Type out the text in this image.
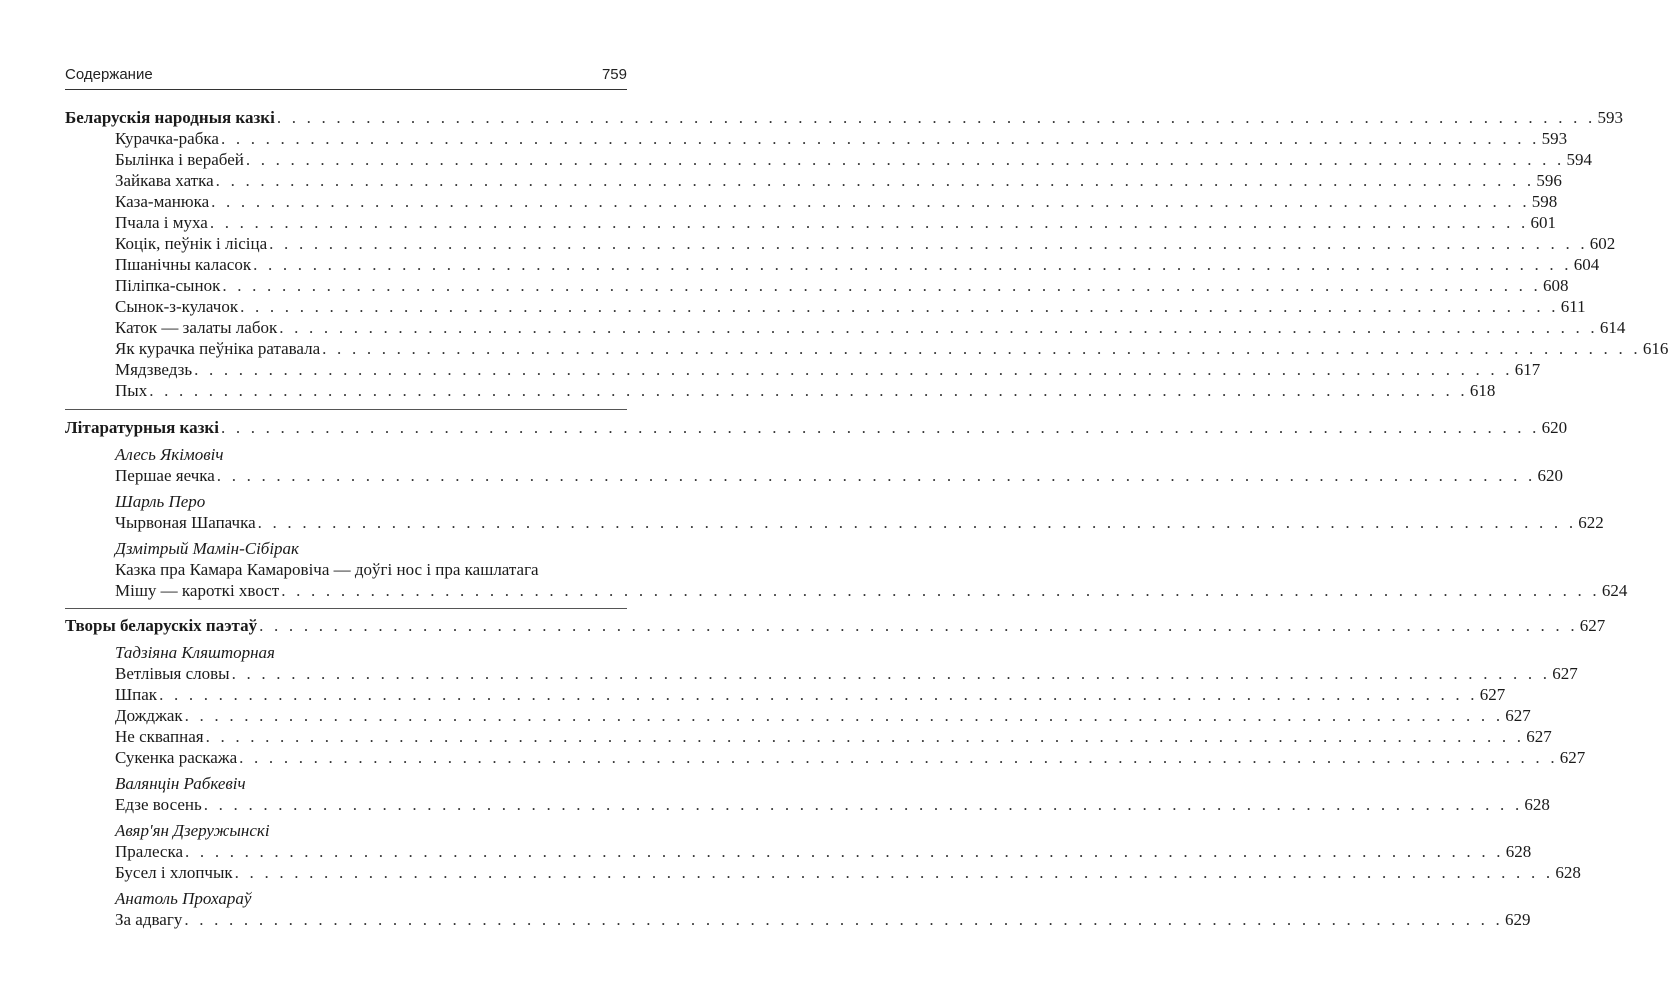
Содержание	759
Беларускія народныя казкі . . . . . . . . . . . . . . . . . . . . . . . . . . . . . . . . . . . . . . . . . . . . . . . . . . . . . . . . . . . . . . . . . . . . . . . . . . . . . . . . . . . . . . . . . 593
Курачка-рабка . . . . . . . . . . . . . . . . . . . . . . . . . . . . . . . . . . . . . . . . . . . . . . . . . . . . . . . . . . . . . . . . . . . . . . . . . . . . . . . . . . . . . . . . . 593
Былінка і верабей . . . . . . . . . . . . . . . . . . . . . . . . . . . . . . . . . . . . . . . . . . . . . . . . . . . . . . . . . . . . . . . . . . . . . . . . . . . . . . . . . . . . . . . . . 594
Зайкава хатка . . . . . . . . . . . . . . . . . . . . . . . . . . . . . . . . . . . . . . . . . . . . . . . . . . . . . . . . . . . . . . . . . . . . . . . . . . . . . . . . . . . . . . . . . 596
Каза-манюка . . . . . . . . . . . . . . . . . . . . . . . . . . . . . . . . . . . . . . . . . . . . . . . . . . . . . . . . . . . . . . . . . . . . . . . . . . . . . . . . . . . . . . . . . 598
Пчала і муха . . . . . . . . . . . . . . . . . . . . . . . . . . . . . . . . . . . . . . . . . . . . . . . . . . . . . . . . . . . . . . . . . . . . . . . . . . . . . . . . . . . . . . . . . 601
Коцік, пеўнік і лісіца . . . . . . . . . . . . . . . . . . . . . . . . . . . . . . . . . . . . . . . . . . . . . . . . . . . . . . . . . . . . . . . . . . . . . . . . . . . . . . . . . . . . . . . . . 602
Пшанічны каласок . . . . . . . . . . . . . . . . . . . . . . . . . . . . . . . . . . . . . . . . . . . . . . . . . . . . . . . . . . . . . . . . . . . . . . . . . . . . . . . . . . . . . . . . . 604
Пiлiпка-сынок . . . . . . . . . . . . . . . . . . . . . . . . . . . . . . . . . . . . . . . . . . . . . . . . . . . . . . . . . . . . . . . . . . . . . . . . . . . . . . . . . . . . . . . . . 608
Сынок-з-кулачок . . . . . . . . . . . . . . . . . . . . . . . . . . . . . . . . . . . . . . . . . . . . . . . . . . . . . . . . . . . . . . . . . . . . . . . . . . . . . . . . . . . . . . . . . 611
Каток — залаты лабок . . . . . . . . . . . . . . . . . . . . . . . . . . . . . . . . . . . . . . . . . . . . . . . . . . . . . . . . . . . . . . . . . . . . . . . . . . . . . . . . . . . . . . . . . 614
Як курачка пеўніка ратавала . . . . . . . . . . . . . . . . . . . . . . . . . . . . . . . . . . . . . . . . . . . . . . . . . . . . . . . . . . . . . . . . . . . . . . . . . . . . . . . . . . . . . . . . . 616
Мядзведзь . . . . . . . . . . . . . . . . . . . . . . . . . . . . . . . . . . . . . . . . . . . . . . . . . . . . . . . . . . . . . . . . . . . . . . . . . . . . . . . . . . . . . . . . . 617
Пых . . . . . . . . . . . . . . . . . . . . . . . . . . . . . . . . . . . . . . . . . . . . . . . . . . . . . . . . . . . . . . . . . . . . . . . . . . . . . . . . . . . . . . . . . 618
Літаратурныя казкі . . . . . . . . . . . . . . . . . . . . . . . . . . . . . . . . . . . . . . . . . . . . . . . . . . . . . . . . . . . . . . . . . . . . . . . . . . . . . . . . . . . . . . . . . 620
Алесь Якімовіч
Першае яечка . . . . . . . . . . . . . . . . . . . . . . . . . . . . . . . . . . . . . . . . . . . . . . . . . . . . . . . . . . . . . . . . . . . . . . . . . . . . . . . . . . . . . . . . . 620
Шарль Перо
Чырвоная Шапачка . . . . . . . . . . . . . . . . . . . . . . . . . . . . . . . . . . . . . . . . . . . . . . . . . . . . . . . . . . . . . . . . . . . . . . . . . . . . . . . . . . . . . . . . . 622
Дзмітрый Мамін-Сібірак
Казка пра Камара Камаровіча — доўгі нос і пра кашлатага
Мішу — кароткі хвост . . . . . . . . . . . . . . . . . . . . . . . . . . . . . . . . . . . . . . . . . . . . . . . . . . . . . . . . . . . . . . . . . . . . . . . . . . . . . . . . . . . . . . . . . 624
Творы беларускіх паэтаў . . . . . . . . . . . . . . . . . . . . . . . . . . . . . . . . . . . . . . . . . . . . . . . . . . . . . . . . . . . . . . . . . . . . . . . . . . . . . . . . . . . . . . . . . 627
Тадзіяна Кляшторная
Ветлівыя словы . . . . . . . . . . . . . . . . . . . . . . . . . . . . . . . . . . . . . . . . . . . . . . . . . . . . . . . . . . . . . . . . . . . . . . . . . . . . . . . . . . . . . . . . . 627
Шпак . . . . . . . . . . . . . . . . . . . . . . . . . . . . . . . . . . . . . . . . . . . . . . . . . . . . . . . . . . . . . . . . . . . . . . . . . . . . . . . . . . . . . . . . . 627
Дожджак . . . . . . . . . . . . . . . . . . . . . . . . . . . . . . . . . . . . . . . . . . . . . . . . . . . . . . . . . . . . . . . . . . . . . . . . . . . . . . . . . . . . . . . . . 627
Не сквапная . . . . . . . . . . . . . . . . . . . . . . . . . . . . . . . . . . . . . . . . . . . . . . . . . . . . . . . . . . . . . . . . . . . . . . . . . . . . . . . . . . . . . . . . . 627
Сукенка раскажа . . . . . . . . . . . . . . . . . . . . . . . . . . . . . . . . . . . . . . . . . . . . . . . . . . . . . . . . . . . . . . . . . . . . . . . . . . . . . . . . . . . . . . . . . 627
Валянцін Рабкевіч
Едзе восень . . . . . . . . . . . . . . . . . . . . . . . . . . . . . . . . . . . . . . . . . . . . . . . . . . . . . . . . . . . . . . . . . . . . . . . . . . . . . . . . . . . . . . . . . 628
Авяр'ян Дзеружынскі
Пралеска . . . . . . . . . . . . . . . . . . . . . . . . . . . . . . . . . . . . . . . . . . . . . . . . . . . . . . . . . . . . . . . . . . . . . . . . . . . . . . . . . . . . . . . . . 628
Бусел і хлопчык . . . . . . . . . . . . . . . . . . . . . . . . . . . . . . . . . . . . . . . . . . . . . . . . . . . . . . . . . . . . . . . . . . . . . . . . . . . . . . . . . . . . . . . . . 628
Анатоль Прохараў
За адвагу . . . . . . . . . . . . . . . . . . . . . . . . . . . . . . . . . . . . . . . . . . . . . . . . . . . . . . . . . . . . . . . . . . . . . . . . . . . . . . . . . . . . . . . . . 629
